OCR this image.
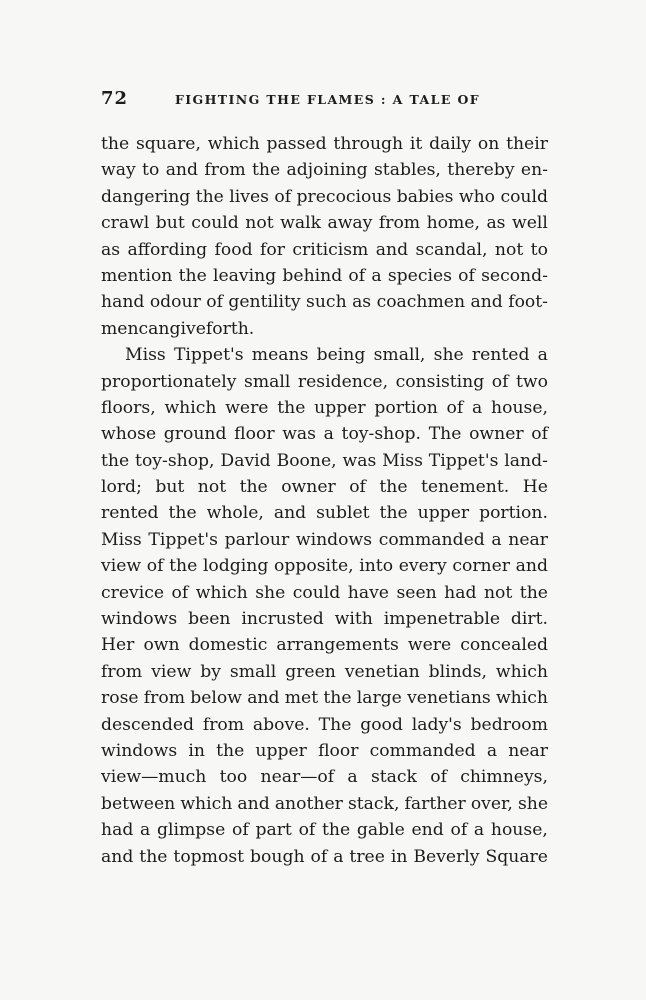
72	FIGHTING THE FLAMES : A TALE OF
the square, which passed through it daily on their
way to and from the adjoining stables, thereby en-
dangering the lives of precocious babies who could
crawl but could not walk away from home, as well
as affording food for criticism and scandal, not to
mention the leaving behind of a species of second-
hand odour of gentility such as coachmen and foot-
men can give forth.
Miss Tippet's means being small, she rented a
proportionately small residence, consisting of two
floors, which were the upper portion of a house,
whose ground floor was a toy-shop. The owner of
the toy-shop, David Boone, was Miss Tippet's land-
lord; but not the owner of the tenement. He
rented the whole, and sublet the upper portion.
Miss Tippet's parlour windows commanded a near
view of the lodging opposite, into every corner and
crevice of which she could have seen had not the
windows been incrusted with impenetrable dirt.
Her own domestic arrangements were concealed
from view by small green venetian blinds, which
rose from below and met the large venetians which
descended from above. The good lady's bedroom
windows in the upper floor commanded a near
view—much too near—of a stack of chimneys,
between which and another stack, farther over, she
had a glimpse of part of the gable end of a house,
and the topmost bough of a tree in Beverly Square
